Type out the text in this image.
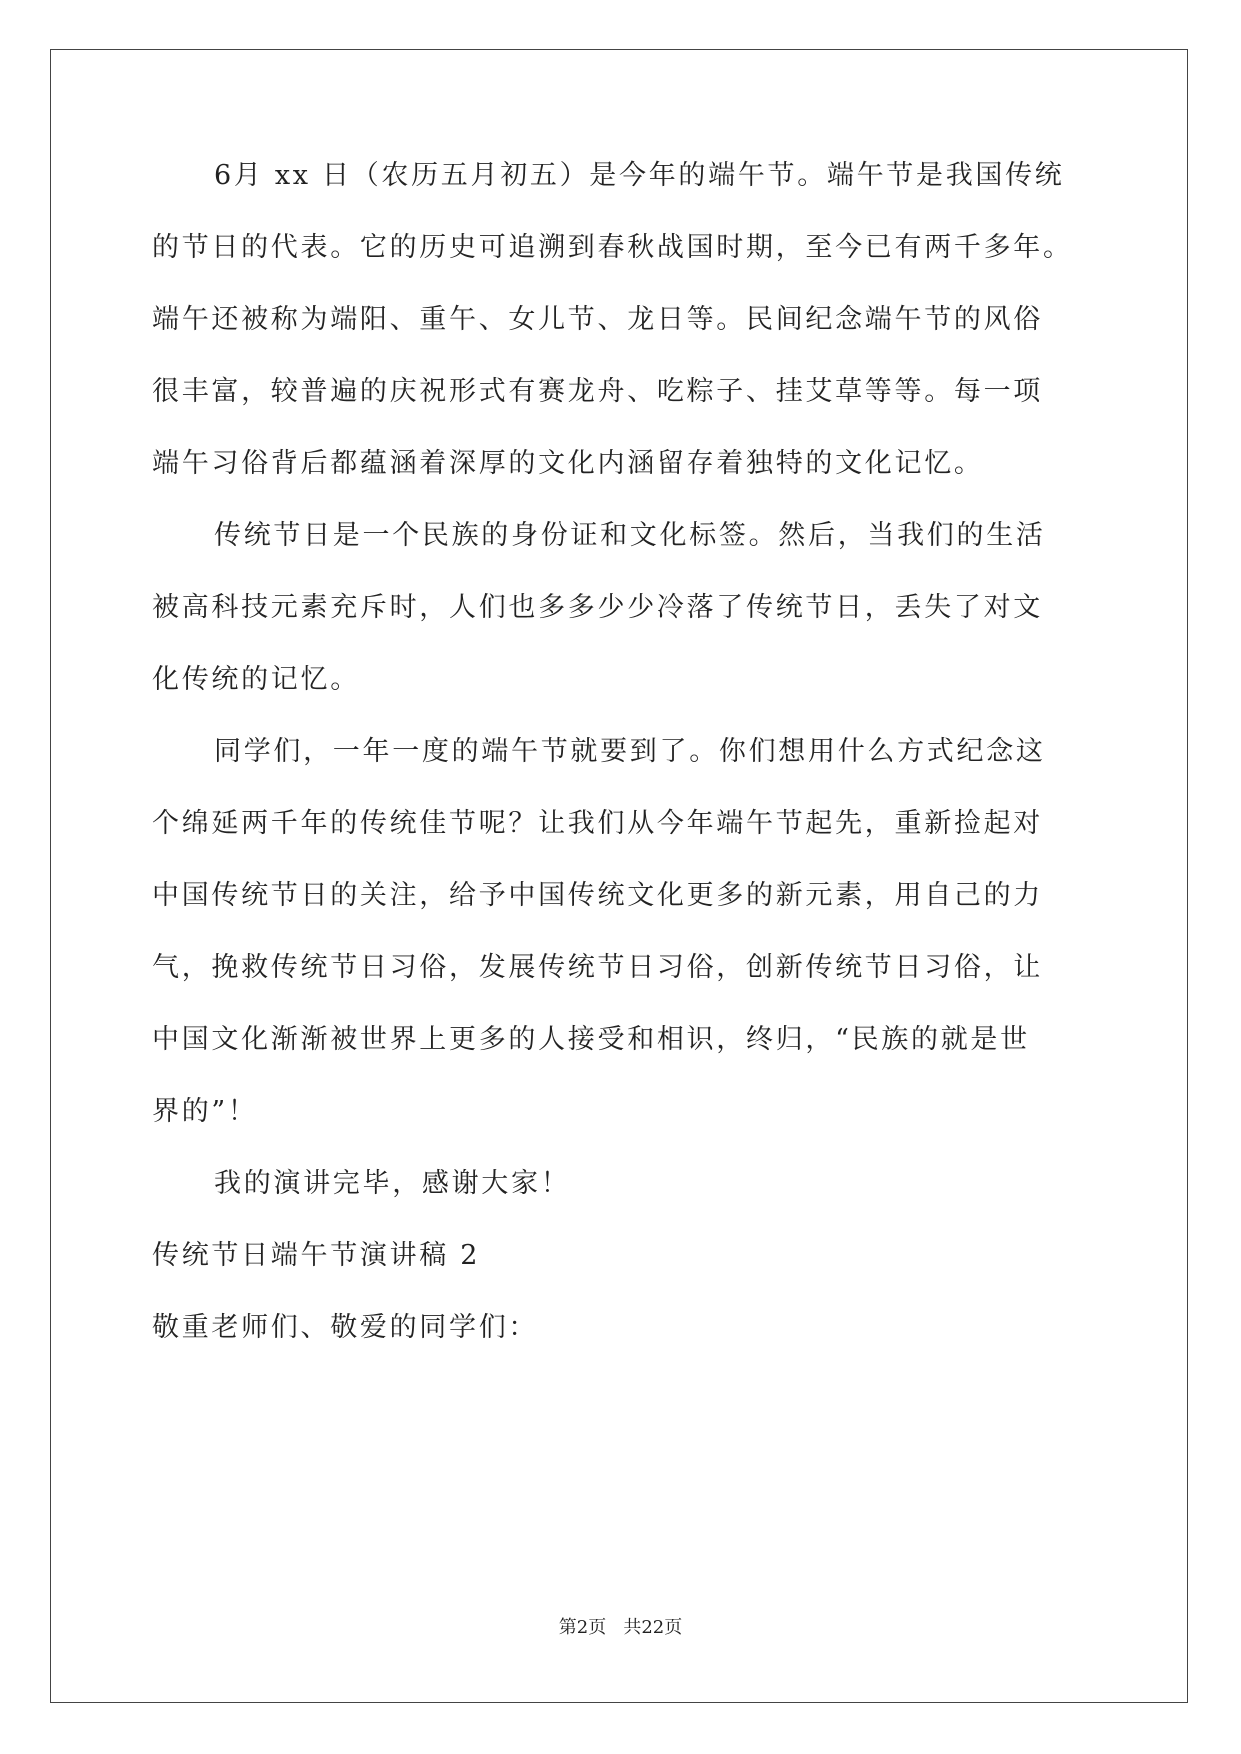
6月 xx 日（农历五月初五）是今年的端午节。端午节是我国传统
的节日的代表。它的历史可追溯到春秋战国时期，至今已有两千多年。
端午还被称为端阳、重午、女儿节、龙日等。民间纪念端午节的风俗
很丰富，较普遍的庆祝形式有赛龙舟、吃粽子、挂艾草等等。每一项
端午习俗背后都蕴涵着深厚的文化内涵留存着独特的文化记忆。
传统节日是一个民族的身份证和文化标签。然后，当我们的生活
被高科技元素充斥时，人们也多多少少冷落了传统节日，丢失了对文
化传统的记忆。
同学们，一年一度的端午节就要到了。你们想用什么方式纪念这
个绵延两千年的传统佳节呢？让我们从今年端午节起先，重新捡起对
中国传统节日的关注，给予中国传统文化更多的新元素，用自己的力
气，挽救传统节日习俗，发展传统节日习俗，创新传统节日习俗，让
中国文化渐渐被世界上更多的人接受和相识，终归，“民族的就是世
界的”！
我的演讲完毕，感谢大家！
传统节日端午节演讲稿 2
敬重老师们、敬爱的同学们：
第2页 共22页
